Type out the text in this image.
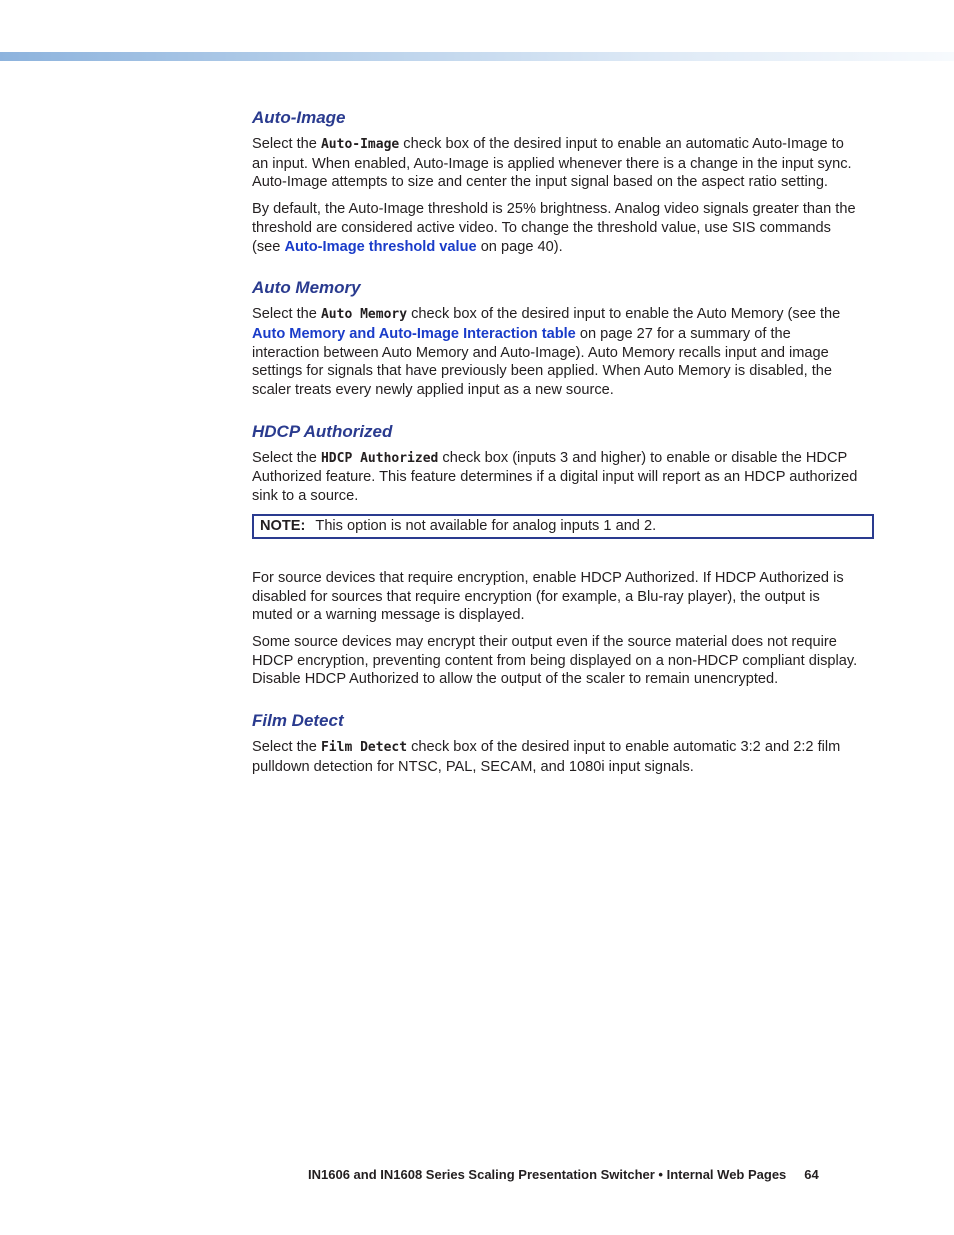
Auto-Image

Select the Auto-Image check box of the desired input to enable an automatic Auto-Image to an input. When enabled, Auto-Image is applied whenever there is a change in the input sync. Auto-Image attempts to size and center the input signal based on the aspect ratio setting.

By default, the Auto-Image threshold is 25% brightness. Analog video signals greater than the threshold are considered active video. To change the threshold value, use SIS commands (see Auto-Image threshold value on page 40).

Auto Memory

Select the Auto Memory check box of the desired input to enable the Auto Memory (see the Auto Memory and Auto-Image Interaction table on page 27 for a summary of the interaction between Auto Memory and Auto-Image). Auto Memory recalls input and image settings for signals that have previously been applied. When Auto Memory is disabled, the scaler treats every newly applied input as a new source.

HDCP Authorized

Select the HDCP Authorized check box (inputs 3 and higher) to enable or disable the HDCP Authorized feature. This feature determines if a digital input will report as an HDCP authorized sink to a source.

NOTE: This option is not available for analog inputs 1 and 2.

For source devices that require encryption, enable HDCP Authorized. If HDCP Authorized is disabled for sources that require encryption (for example, a Blu-ray player), the output is muted or a warning message is displayed.

Some source devices may encrypt their output even if the source material does not require HDCP encryption, preventing content from being displayed on a non-HDCP compliant display. Disable HDCP Authorized to allow the output of the scaler to remain unencrypted.

Film Detect

Select the Film Detect check box of the desired input to enable automatic 3:2 and 2:2 film pulldown detection for NTSC, PAL, SECAM, and 1080i input signals.

IN1606 and IN1608 Series Scaling Presentation Switcher • Internal Web Pages 64
